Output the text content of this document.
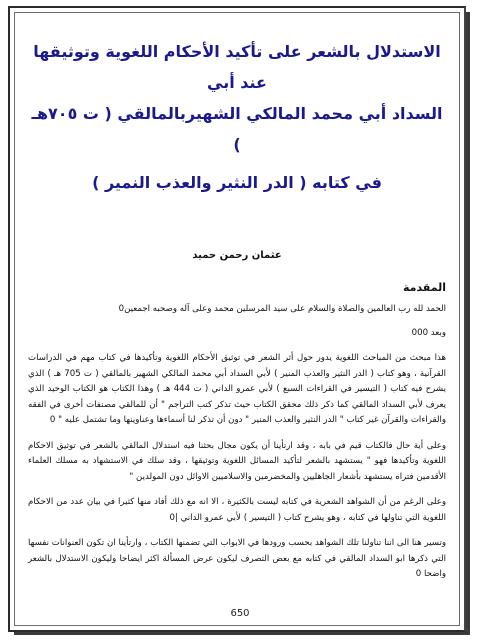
الاستدلال بالشعر على تأكيد الأحكام اللغوية وتوثيقها عند أبي

السداد أبي محمد المالكي الشهيربالمالقي ( ت ٧٠٥هـ )

في كتابه ( الدر النثير والعذب النمير )

عثمان رحمن حميد

المقدمة

الحمد لله رب العالمين والصلاة والسلام على سيد المرسلين محمد وعلى آله وصحبه اجمعين0

وبعد 000

هذا مبحث من المباحث اللغوية يدور حول أثر الشعر في توثيق الأحكام اللغوية وتأكيدها في كتاب مهم في الدراسات القرآنية ، وهو كتاب ( الدر النثير والعذب المنير ) لأبي السداد أبي محمد المالكي الشهير بالمالقي ( ت 705 هـ ) الذي يشرح فيه كتاب ( التيسير في القراءات السبع ) لأبي عمرو الداني ( ت 444 هـ ) وهذا الكتاب هو الكتاب الوحيد الذي يعرف لأبي السداد المالقي كما ذكر ذلك محقق الكتاب حيث تذكر كتب التراجم " أن للمالقي مصنفات أخرى في الفقه والقراءات والقرآن غير كتاب " الدر النثير والعذب المنير " دون أن تذكر لنا أسماءها وعناوينها وما تشتمل عليه " 0

وعلى أية حال فالكتاب قيم في بابه ، وقد ارتأينا أن يكون مجال بحثنا فيه استدلال المالقي بالشعر في توثيق الاحكام اللغوية وتأكيدها فهو " يستشهد بالشعر لتأكيد المسائل اللغوية وتوثيقها ، وقد سلك في الاستشهاد به مسلك العلماء الأقدمين فتراه يستشهد بأشعار الجاهليين والمخضرمين والاسلاميين الاوائل دون المولدين "

وعلى الرغم من أن الشواهد الشعرية في كتابه ليست بالكثيرة ، الا انه مع ذلك أفاد منها كثيرا في بيان عدد من الاحكام اللغوية التي تناولها في كتابه ، وهو يشرح كتاب ( التيسير ) لأبي عمرو الداني |0

وتسير هنا الى اننا تناولنا تلك الشواهد بحسب ورودها في الابواب التي تضمنها الكتاب ، وارتأينا ان تكون العنوانات نفسها التي ذكرها ابو السداد المالقي في كتابه مع بعض التصرف ليكون عرض المسألة اكثر ايضاحا وليكون الاستدلال بالشعر واضحا 0

650
